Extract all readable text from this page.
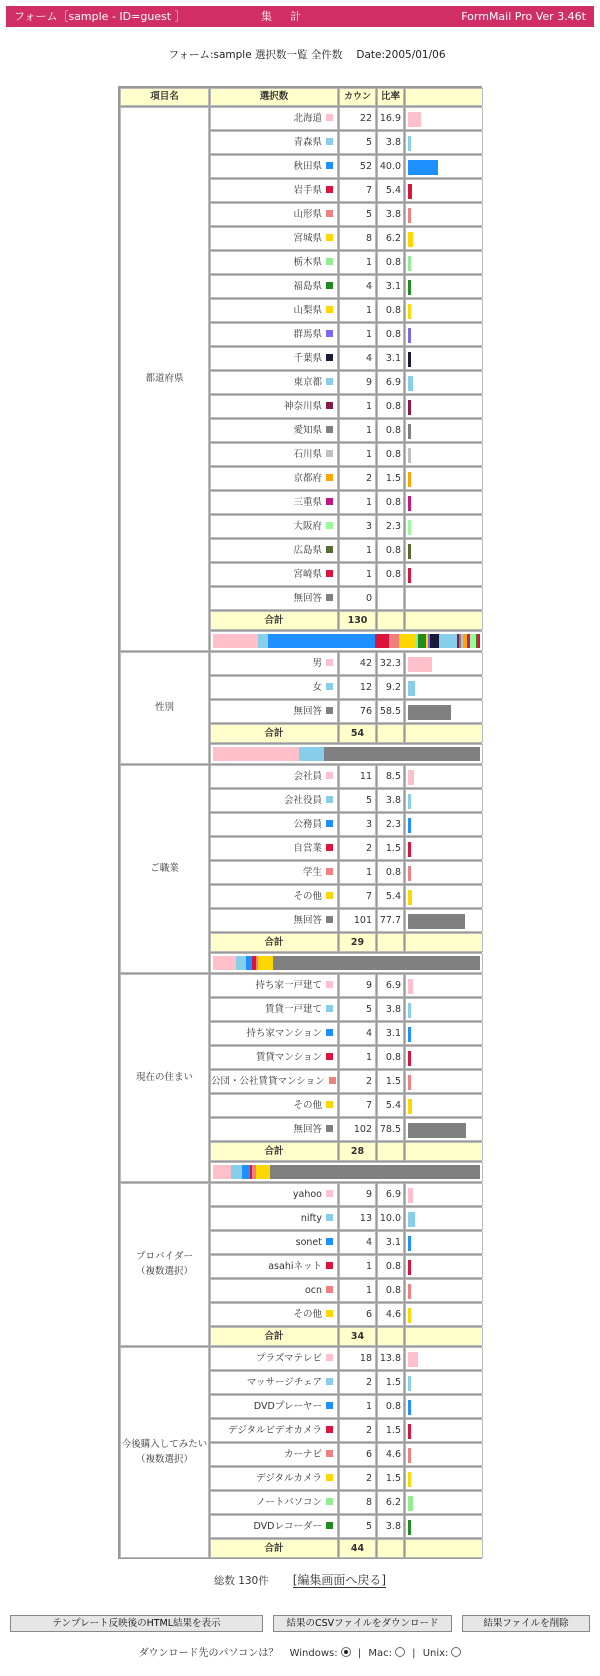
フォーム［sample - ID=guest ］	集計	FormMail Pro Ver 3.46t
フォーム:sample 選択数一覧 全件数 Date:2005/01/06
項目名	選択数	カウン	比率
都道府県
北海道	22 16.9
青森県	5	3.8
秋田県	52 40.0
岩手県	7	5.4
山形県	5	3.8
宮城県	8	6.2
栃木県	1	0.8
福島県	4	3.1
山梨県	1	0.8
群馬県	1	0.8
千葉県	4	3.1
東京都	9	6.9
神奈川県	1	0.8
愛知県	1	0.8
石川県	1	0.8
京都府	2	1.5
三重県	1	0.8
大阪府	3	2.3
広島県	1	0.8
宮崎県	1	0.8
無回答	0
合計	130
性別
男	42 32.3
女	12	9.2
無回答	76 58.5
合計	54
ご職業
会社員	11	8.5
会社役員	5	3.8
公務員	3	2.3
自営業	2	1.5
学生	1	0.8
その他	7	5.4
無回答	101 77.7
合計	29
現在の住まい
持ち家一戸建て	9	6.9
賃貸一戸建て	5	3.8
持ち家マンション	4	3.1
賃貸マンション	1	0.8
公団・公社賃貸マンション	2	1.5
その他	7	5.4
無回答	102 78.5
合計	28
プロバイダー
（複数選択）
yahoo	9	6.9
nifty	13 10.0
sonet	4	3.1
asahiネット	1	0.8
ocn	1	0.8
その他	6	4.6
合計	34
今後購入してみたい
（複数選択）
プラズマテレビ	18 13.8
マッサージチェア	2	1.5
DVDプレーヤー	1	0.8
デジタルビデオカメラ	2	1.5
カーナビ	6	4.6
デジタルカメラ	2	1.5
ノートパソコン	8	6.2
DVDレコーダー	5	3.8
合計	44
総数 130件 [編集画面へ戻る]
テンプレート反映後のHTML結果を表示	結果のCSVファイルをダウンロード	結果ファイルを削除
ダウンロード先のパソコンは？ Windows: | Mac: | Unix:
